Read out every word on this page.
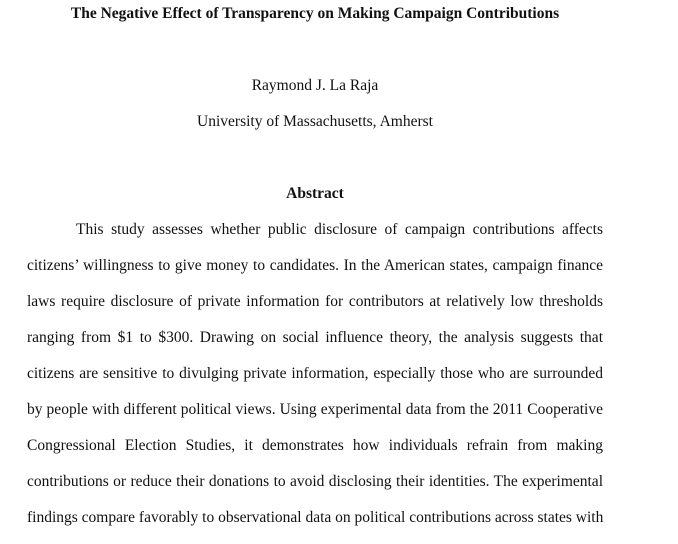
The Negative Effect of Transparency on Making Campaign Contributions
Raymond J. La Raja
University of Massachusetts, Amherst
Abstract
This study assesses whether public disclosure of campaign contributions affects
citizens’ willingness to give money to candidates. In the American states, campaign finance
laws require disclosure of private information for contributors at relatively low thresholds
ranging from $1 to $300. Drawing on social influence theory, the analysis suggests that
citizens are sensitive to divulging private information, especially those who are surrounded
by people with different political views. Using experimental data from the 2011 Cooperative
Congressional Election Studies, it demonstrates how individuals refrain from making
contributions or reduce their donations to avoid disclosing their identities. The experimental
findings compare favorably to observational data on political contributions across states with
